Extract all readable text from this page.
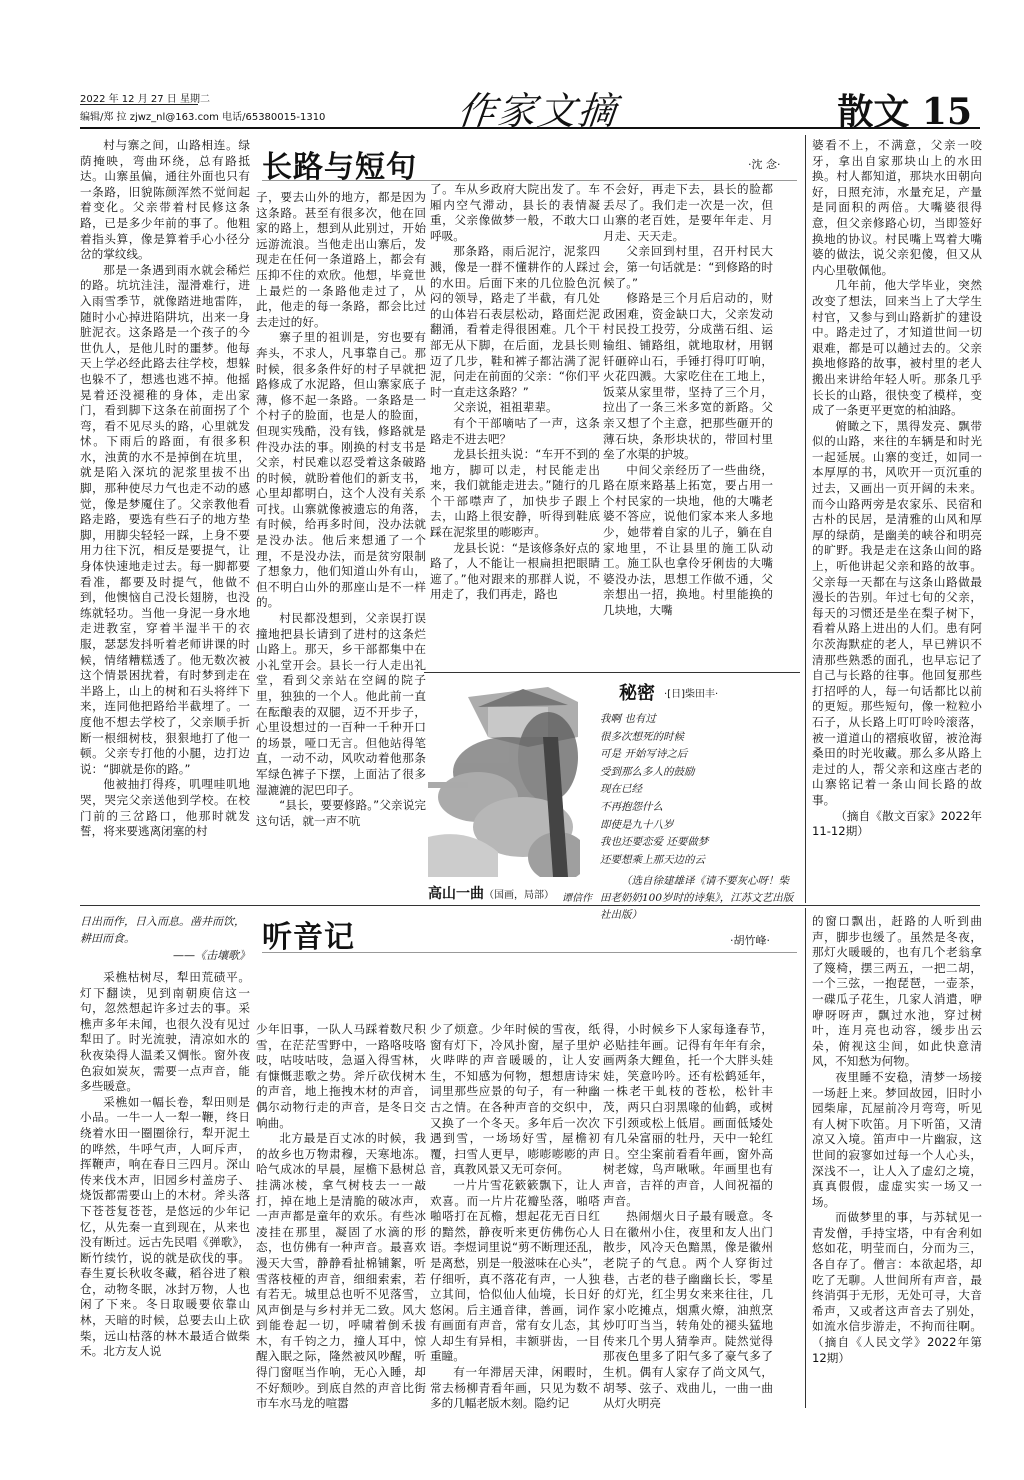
2022 年 12 月 27 日 星期二
编辑/郑 拉 zjwz_nl@163.com 电话/65380015-1310	作家文摘	散文 15
长路与短句	·沈 念·

村与寨之间，山路相连。绿荫掩映，弯曲环绕，总有路抵达。山寨虽偏，通往外面也只有一条路，旧貌陈颜浑然不觉间起着变化。父亲带着村民修这条路，已是多少年前的事了。他粗着指头算，像是算着手心小径分岔的掌纹线。

那是一条遇到雨水就会稀烂的路。坑坑洼洼，湿滑难行，进入雨雪季节，就像踏进地雷阵，随时小心掉进陷阱坑，出来一身脏泥衣。这条路是一个孩子的今世仇人，是他儿时的噩梦。他每天上学必经此路去往学校，想躲也躲不了，想逃也逃不掉。他摇晃着还没褪稚的身体，走出家门，看到脚下这条在前面拐了个弯，看不见尽头的路，心里就发怵。下雨后的路面，有很多积水，浊黄的水不是掉倒在坑里，就是陷入深坑的泥浆里拔不出脚，那种使尽力气也走不动的感觉，像是梦魇住了。父亲教他看路走路，要选有些石子的地方垫脚，用脚尖轻轻一踩，上身不要用力往下沉，相反是要提气，让身体快速地走过去。每一脚都要看准，都要及时提气，他做不到，他懊恼自己没长翅膀，也没练就轻功。当他一身泥一身水地走进教室，穿着半湿半干的衣服，瑟瑟发抖听着老师讲课的时候，情绪糟糕透了。他无数次被这个情景困扰着，有时梦到走在半路上，山上的树和石头将绊下来，连同他把路给半截埋了。一度他不想去学校了，父亲顺手折断一根细树枝，狠狠地打了他一顿。父亲专打他的小腿，边打边说：“脚就是你的路。”

他被抽打得疼，叽哩哇叽地哭，哭完父亲送他到学校。在校门前的三岔路口，他那时就发誓，将来要逃离闭塞的村

子，要去山外的地方，都是因为这条路。甚至有很多次，他在回家的路上，想到从此别过，开始远游流浪。当他走出山寨后，发现走在任何一条道路上，都会有压抑不住的欢欣。他想，毕竟世上最烂的一条路他走过了，从此，他走的每一条路，都会比过去走过的好。

寨子里的祖训是，穷也要有奔头，不求人，凡事靠自己。那时候，很多条件好的村子早就把路修成了水泥路，但山寨家底子薄，修不起一条路。一条路是一个村子的脸面，也是人的脸面，但现实残酷，没有钱，修路就是件没办法的事。刚换的村支书是父亲，村民难以忍受着这条破路的时候，就盼着他们的新支书，心里却都明白，这个人没有关系可找。山寨就像被遗忘的角落，有时候，给再多时间，没办法就是没办法。他后来想通了一个理，不是没办法，而是贫穷限制了想象力，他们知道山外有山，但不明白山外的那座山是不一样的。

村民都没想到，父亲误打误撞地把县长请到了进村的这条烂山路上。那天，乡干部都集中在小礼堂开会。县长一行人走出礼堂，看到父亲站在空阔的院子里，独独的一个人。他此前一直在酝酿表的双腿，迈不开步子，心里设想过的一百种一千种开口的场景，哑口无言。但他站得笔直，一动不动，风吹动着他那条军绿色裤子下摆，上面沾了很多湿漉漉的泥巴印子。

“县长，要要修路。”父亲说完这句话，就一声不吭

了。车从乡政府大院出发了。车厢内空气滞动，县长的表情凝重，父亲像做梦一般，不敢大口呼吸。

那条路，雨后泥泞，泥浆四溅，像是一群不懂耕作的人踩过的水田。后面下来的几位脸色沉闷的领导，路走了半截，有几处的山体岩石表层松动，路面烂泥翻涌，看着走得很困难。几个干部无从下脚，在后面，龙县长则迈了几步，鞋和裤子都沾满了泥泥，问走在前面的父亲：“你们平时一直走这条路？”

父亲说，祖祖辈辈。

有个干部嘀咕了一声，这条路走不进去吧？

龙县长扭头说：“车开不到的地方，脚可以走，村民能走出来，我们就能走进去。”随行的几个干部噤声了，加快步子跟上去，山路上很安静，听得到鞋底踩在泥浆里的嘭嘭声。

龙县长说：“是该修条好点的路了，人不能让一根扁担把眼睛遮了。”他对跟来的那群人说，不用走了，我们再走，路也

不会好，再走下去，县长的脸都丢尽了。我们走一次是一次，但山寨的老百姓，是要年年走、月月走、天天走。

父亲回到村里，召开村民大会，第一句话就是：“到修路的时候了。”

修路是三个月后启动的，财政困难，资金缺口大，父亲发动村民投工投劳，分成凿石组、运输组、铺路组，就地取材，用钢钎砸碎山石，手锤打得叮叮响，火花四溅。大家吃住在工地上，饭菜从家里带，坚持了三个月，拉出了一条三米多宽的新路。父亲又想了个主意，把那些砸开的薄石块，条形块状的，带回村里垒了水渠的护坡。

中间父亲经历了一些曲绕，路在原来路基上拓宽，要占用一个村民家的一块地，他的大嘴老婆不答应，说他们家本来人多地少，她带着自家的儿子，躺在自家地里，不让县里的施工队动工。施工队也拿伶牙俐齿的大嘴婆没办法，思想工作做不通，父亲想出一招，换地。村里能换的几块地，大嘴

婆看不上，不满意，父亲一咬牙，拿出自家那块山上的水田换。村人都知道，那块水田朝向好，日照充沛，水量充足，产量是同面积的两倍。大嘴婆很得意，但父亲修路心切，当即签好换地的协议。村民嘴上骂着大嘴婆的做法，说父亲犯傻，但又从内心里敬佩他。

几年前，他大学毕业，突然改变了想法，回来当上了大学生村官，又参与到山路新扩的建设中。路走过了，才知道世间一切艰难，都是可以趟过去的。父亲换地修路的故事，被村里的老人搬出来讲给年轻人听。那条几乎长长的山路，很快变了模样，变成了一条更平更宽的柏油路。

俯瞰之下，黑得发亮、飘带似的山路，来往的车辆是和时光一起延展。山寨的变迁，如同一本厚厚的书，风吹开一页沉重的过去，又画出一页开阔的未来。而今山路两旁是农家乐、民宿和古朴的民居，是清雅的山风和厚厚的绿荫，是幽美的峡谷和明亮的旷野。我是走在这条山间的路上，听他讲起父亲和路的故事。父亲每一天都在与这条山路做最漫长的告别。年过七旬的父亲，每天的习惯还是坐在梨子树下，看着从路上进出的人们。患有阿尔茨海默症的老人，早已辨识不清那些熟悉的面孔，也早忘记了自己与长路的往事。他回复那些打招呼的人，每一句话都比以前的更短。那些短句，像一粒粒小石子，从长路上叮叮呤呤滚落，被一道道山的褶痕收留，被沧海桑田的时光收藏。那么多从路上走过的人，帮父亲和这座古老的山寨铭记着一条山间长路的故事。

（摘自《散文百家》2022年11-12期）

高山一曲（国画，局部） 谭信作
秘密 ·[日]柴田丰·
我啊 也有过
很多次想死的时候
可是 开始写诗之后
受到那么多人的鼓励
现在已经
不再抱怨什么
即使是九十八岁
我也还要恋爱 还要做梦
还要想乘上那天边的云
（选自徐建雄译《请不要灰心呀！柴田老奶奶100岁时的诗集》，江苏文艺出版社出版）
日出而作，日入而息。凿井而饮，耕田而食。
——《击壤歌》
听音记	·胡竹峰·

采樵枯树尽，犁田荒碛平。灯下翻读，见到南朝庾信这一句，忽然想起许多过去的事。采樵声多年未闻，也很久没有见过犁田了。时光流驶，清凉如水的秋夜染得人温柔又惆怅。窗外夜色寂如炭灰，需要一点声音，能多些暖意。

采樵如一幅长卷，犁田则是小品。一牛一人一犁一鞭，终日绕着水田一圈圈徐行，犁开泥土的哗然，牛呼气声，人呵斥声，挥鞭声，响在春日三四月。深山传来伐木声，旧园乡村盖房子、烧饭都需要山上的木材。斧头落下苍苍复苍苍，是悠远的少年记忆，从先秦一直到现在，从来也没有断过。远古先民唱《弹歌》，断竹续竹，说的就是砍伐的事。春生夏长秋收冬藏，稻谷进了粮仓，动物冬眠，冰封万物，人也闲了下来。冬日取暖要依靠山林，天暗的时候，总要去山上砍柴，远山枯落的林木最适合做柴禾。北方友人说

少年旧事，一队人马踩着数尺积雪，在茫茫雪野中，一路咯吱咯吱，咕吱咕吱，急逼入得雪林，有慷慨悲歌之势。斧斤砍伐树木的声音，地上拖拽木材的声音，偶尔动物行走的声音，是冬日交响曲。

北方最是百丈冰的时候，我的故乡也万物肃穆，天寒地冻。哈气成冰的早晨，屋檐下悬树总挂满冰棱，拿气树枝去一一敲打，掉在地上是清脆的破冰声，一声声都是童年的欢乐。有些冰凌挂在那里，凝固了水滴的形态，也仿佛有一种声音。最喜欢漫天大雪，静静看扯棉铺絮，听雪落枝桠的声音，细细索索，若有若无。城里总也听不见落雪，风声倒是与乡村并无二致。风大到能卷起一切，呼啸着倒禾拔木，有千钧之力，撞人耳中，惊醒入眠之际，隆然被风吵醒，听得门窗哐当作响，无心入睡，却不好颓吵。到底自然的声音比街市车水马龙的喧嚣

少了烦意。少年时候的雪夜，纸窗有灯下，冷风扑窗，屋子里炉火哔哔的声音暖暖的，让人安生，不知感为何物，想想唐诗宋词里那些应景的句子，有一种幽古之情。在各种声音的交织中，又换了一个冬天。多年后一次次遇到雪，一场场好雪，屋檐初覆，扫雪人更早，嘭嘭嘭嘭的声音，真教风景又无可奈何。

一片片雪花簌簌飘下，让人欢喜。而一片片花瓣坠落，啪嗒啪嗒打在瓦檐，想起花无百日红的黯然，静夜听来更仿佛伤心人语。李煜词里说“剪不断理还乱，是离愁，别是一般滋味在心头”，仔细听，真不落花有声，一人独立其间，恰似仙人仙境，长日好悠闲。后主通音律，善画，词作有画面有声音，常有女儿态，其人却生有异相，丰额骈齿，一目重瞳。

有一年滞居天津，闲暇时，常去杨柳青看年画，只见为数不多的几幅老版木刻。隐约记

得，小时候乡下人家每逢春节，必贴挂年画。记得有年年有余，画两条大鲤鱼，托一个大胖头娃娃，笑意吟吟。还有松鹤延年，一株老干虬枝的苍松，松针丰茂，两只白羽黑喙的仙鹤，或树下引颈或松上低眉。画面低矮处有几朵富丽的牡丹，天中一轮红日。空尘案前看看年画，窗外高树老嫁，鸟声啾啾。年画里也有声音，吉祥的声音，人间祝福的声音。

热闹烟火日子最有暖意。冬日在徽州小住，夜里和友人出门散步，风冷天色黯黑，像是徽州老院子的气息。两个人穿街过巷，古老的巷子幽幽长长，零星的灯光，红尘男女来来往往，几家小吃摊点，烟熏火燎，油煎烹炒叮叮当当，转角处的褪头猛地传来几个男人猜拳声。陡然觉得那夜色里多了阳气多了豪气多了生机。偶有人家存了尚文风气，胡琴、弦子、戏曲儿，一曲一曲从灯火明亮

的窗口飘出，赶路的人听到曲声，脚步也缓了。虽然是冬夜，那灯火暖暖的，也有几个老翁拿了篾椅，摆三两五，一把二胡，一个三弦，一抱琵琶，一壶茶，一碟瓜子花生，几家人消遣，咿咿呀呀声，飘过水池，穿过树叶，连月亮也动容，缓步出云朵，俯视这尘间，如此快意清风，不知愁为何物。

夜里睡不安稳，清梦一场接一场赶上来。梦回故园，旧时小园柴扉，瓦屋前冷月弯弯，听见有人树下吹笛。月下听笛，又清凉又入境。笛声中一片幽寂，这世间的寂寥如过每一个人心头，深浅不一，让人入了虚幻之境，真真假假，虚虚实实一场又一场。

而做梦里的事，与苏轼见一青发僧，手持宝塔，中有舍利如悠如花，明莹而白，分而为三，各自存了。僧言：本欲起塔，却吃了无聊。人世间所有声音，最终消弭于无形，无处可寻，大音希声，又或者这声音去了别处，如流水信步游走，不拘而往啊。（摘自《人民文学》2022年第12期）
